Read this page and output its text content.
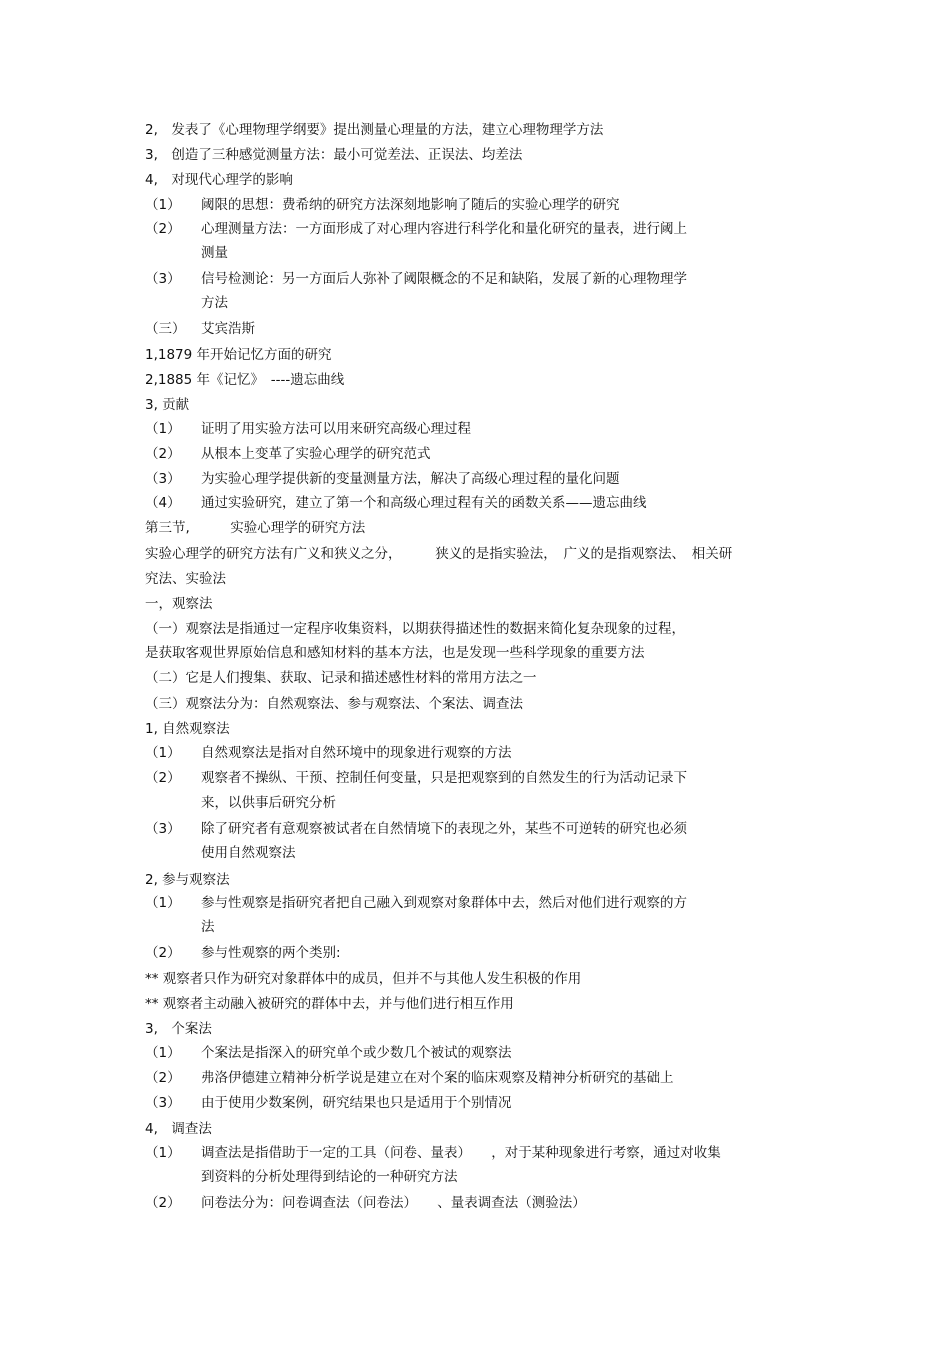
2,　发表了《心理物理学纲要》提出测量心理量的方法，建立心理物理学方法
3,　创造了三种感觉测量方法：最小可觉差法、正误法、均差法
4,　对现代心理学的影响
（1） 阈限的思想：费希纳的研究方法深刻地影响了随后的实验心理学的研究
（2） 心理测量方法：一方面形成了对心理内容进行科学化和量化研究的量表，进行阈上
测量
（3） 信号检测论：另一方面后人弥补了阈限概念的不足和缺陷，发展了新的心理物理学
方法
（三） 艾宾浩斯
1,1879 年开始记忆方面的研究
2,1885 年《记忆》　----遗忘曲线
3, 贡献
（1） 证明了用实验方法可以用来研究高级心理过程
（2） 从根本上变革了实验心理学的研究范式
（3） 为实验心理学提供新的变量测量方法，解决了高级心理过程的量化问题
（4） 通过实验研究，建立了第一个和高级心理过程有关的函数关系——遗忘曲线
第三节,　　　实验心理学的研究方法
实验心理学的研究方法有广义和狭义之分，　　　狭义的是指实验法，　广义的是指观察法、　相关研
究法、实验法
一，观察法
（一）观察法是指通过一定程序收集资料，以期获得描述性的数据来简化复杂现象的过程，
是获取客观世界原始信息和感知材料的基本方法，也是发现一些科学现象的重要方法
（二）它是人们搜集、获取、记录和描述感性材料的常用方法之一
（三）观察法分为：自然观察法、参与观察法、个案法、调查法
1, 自然观察法
（1） 自然观察法是指对自然环境中的现象进行观察的方法
（2） 观察者不操纵、干预、控制任何变量，只是把观察到的自然发生的行为活动记录下
来，以供事后研究分析
（3） 除了研究者有意观察被试者在自然情境下的表现之外，某些不可逆转的研究也必须
使用自然观察法
2, 参与观察法
（1） 参与性观察是指研究者把自己融入到观察对象群体中去，然后对他们进行观察的方
法
（2） 参与性观察的两个类别:
** 观察者只作为研究对象群体中的成员，但并不与其他人发生积极的作用
** 观察者主动融入被研究的群体中去，并与他们进行相互作用
3,　个案法
（1） 个案法是指深入的研究单个或少数几个被试的观察法
（2） 弗洛伊德建立精神分析学说是建立在对个案的临床观察及精神分析研究的基础上
（3） 由于使用少数案例，研究结果也只是适用于个别情况
4,　调查法
（1） 调查法是指借助于一定的工具（问卷、量表）　　，对于某种现象进行考察，通过对收集
到资料的分析处理得到结论的一种研究方法
（2） 问卷法分为：问卷调查法（问卷法）　　、量表调查法（测验法）
